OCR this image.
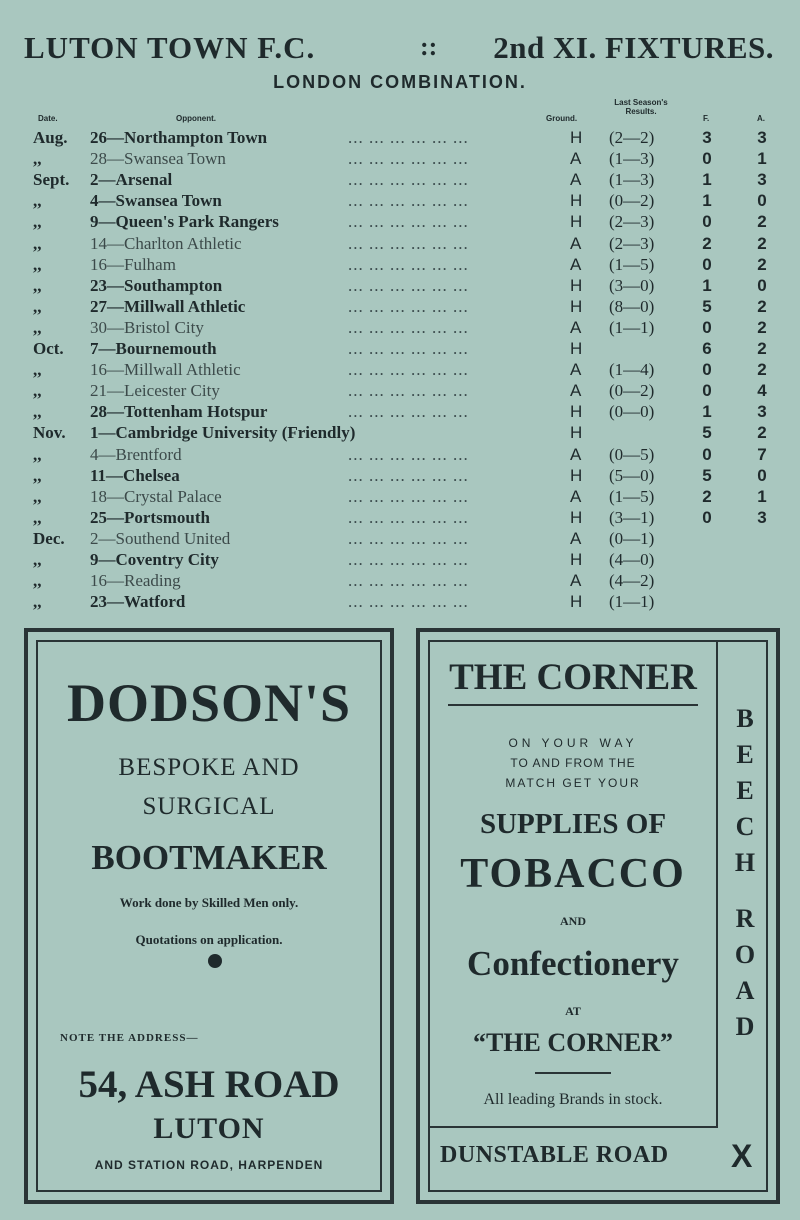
LUTON TOWN F.C.	:: 2nd XI. FIXTURES.
LONDON COMBINATION.
Date.	Opponent.	Ground.
Last Season's
Results.
F.	A.
Aug. 26—Northampton Town	H (2—2)	3	3
... ... ... ... ... ...
,,	28—Swansea Town	A (1—3)	0	1
... ... ... ... ... ...
Sept. 2—Arsenal	A (1—3)	1	3
... ... ... ... ... ...
,,	4—Swansea Town	H (0—2)	1	0
... ... ... ... ... ...
,,	9—Queen's Park Rangers	H (2—3)	0	2
... ... ... ... ... ...
,,	14—Charlton Athletic	A (2—3)	2	2
... ... ... ... ... ...
,,	16—Fulham	A (1—5)	0	2
... ... ... ... ... ...
,,	23—Southampton	H (3—0)	1	0
... ... ... ... ... ...
,,	27—Millwall Athletic	H (8—0)	5	2
... ... ... ... ... ...
,,	30—Bristol City	A (1—1)	0	2
... ... ... ... ... ...
Oct. 7—Bournemouth	H	6	2
... ... ... ... ... ...
,,	16—Millwall Athletic	A (1—4)	0	2
... ... ... ... ... ...
,,	21—Leicester City	A (0—2)	0	4
... ... ... ... ... ...
,,	28—Tottenham Hotspur	H (0—0)	1	3
... ... ... ... ... ...
Nov. 1—Cambridge University (Friendly)	H	5	2
,,	4—Brentford	A (0—5)	0	7
... ... ... ... ... ...
,,	11—Chelsea	H (5—0)	5	0
... ... ... ... ... ...
,,	18—Crystal Palace	A (1—5)	2	1
... ... ... ... ... ...
,,	25—Portsmouth	H (3—1)	0	3
... ... ... ... ... ...
Dec. 2—Southend United	A (0—1)
... ... ... ... ... ...
,,	9—Coventry City	H (4—0)
... ... ... ... ... ...
,,	16—Reading	A (4—2)
... ... ... ... ... ...
,,	23—Watford	H (1—1)
... ... ... ... ... ...
DODSON'S
BESPOKE AND
SURGICAL
BOOTMAKER
Work done by Skilled Men only.
Quotations on application.
NOTE THE ADDRESS—
54, ASH ROAD
LUTON
AND STATION ROAD, HARPENDEN
THE CORNER
ON YOUR WAY
TO AND FROM THE
MATCH GET YOUR
SUPPLIES OF
TOBACCO
AND
Confectionery
AT
“THE CORNER”
All leading Brands in stock.
B
E
E
C
H
R
O
A
D
DUNSTABLE ROAD X
